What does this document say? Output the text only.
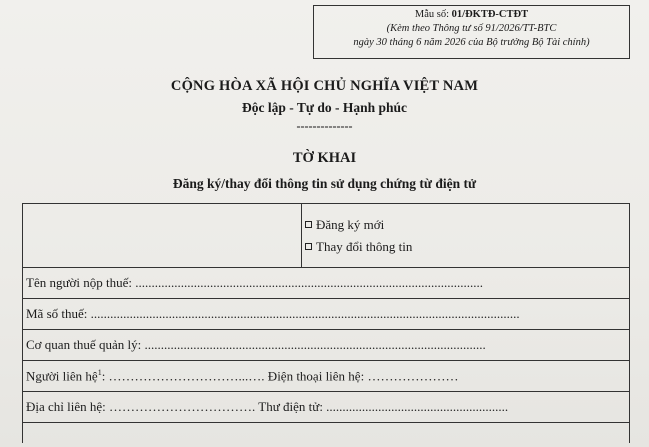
Mẫu số: 01/ĐKTĐ-CTĐT
(Kèm theo Thông tư số 91/2026/TT-BTC
ngày 30 tháng 6 năm 2026 của Bộ trưởng Bộ Tài chính)
CỘNG HÒA XÃ HỘI CHỦ NGHĨA VIỆT NAM
Độc lập - Tự do - Hạnh phúc
--------------
TỜ KHAI
Đăng ký/thay đổi thông tin sử dụng chứng từ điện tử

Đăng ký mới
Thay đổi thông tin

Tên người nộp thuế: ...........................................................................................................
Mã số thuế: ....................................................................................................................................
Cơ quan thuế quản lý: .........................................................................................................
Người liên hệ$^1$: …………………………...…. Điện thoại liên hệ: …………………
Địa chỉ liên hệ: ……………………………. Thư điện tử: ........................................................
